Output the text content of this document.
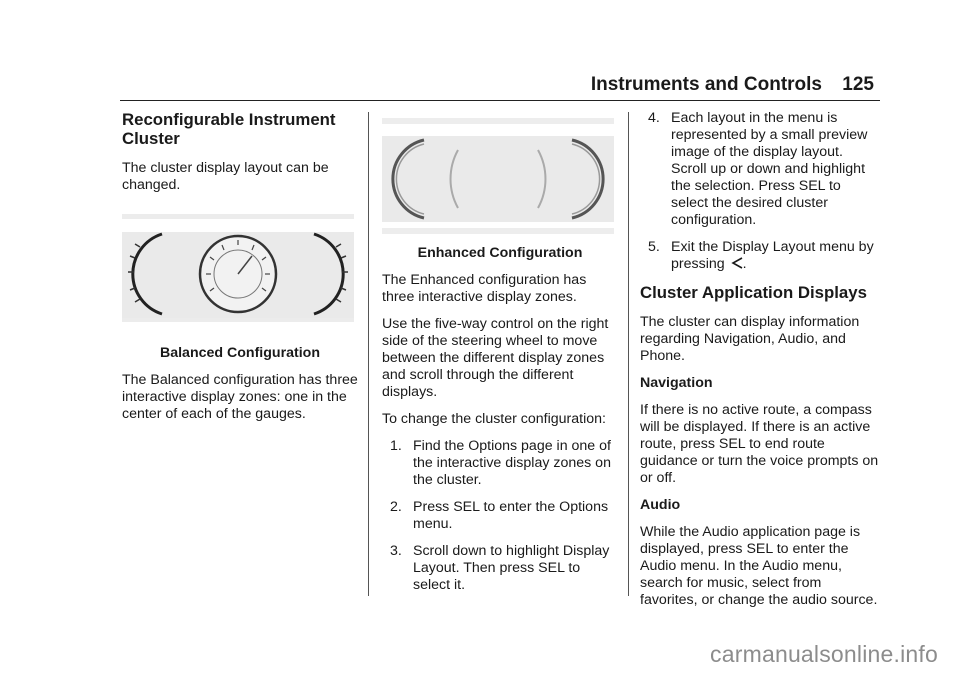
Instruments and Controls 125
Reconfigurable Instrument Cluster

The cluster display layout can be changed.

Balanced Configuration

The Balanced configuration has three interactive display zones: one in the center of each of the gauges.

Enhanced Configuration

The Enhanced configuration has three interactive display zones.

Use the five-way control on the right side of the steering wheel to move between the different display zones and scroll through the different displays.

To change the cluster configuration:

1. Find the Options page in one of the interactive display zones on the cluster.
2. Press SEL to enter the Options menu.
3. Scroll down to highlight Display Layout. Then press SEL to select it.
4. Each layout in the menu is represented by a small preview image of the display layout. Scroll up or down and highlight the selection. Press SEL to select the desired cluster configuration.
5. Exit the Display Layout menu by pressing .
Cluster Application Displays

The cluster can display information regarding Navigation, Audio, and Phone.

Navigation

If there is no active route, a compass will be displayed. If there is an active route, press SEL to end route guidance or turn the voice prompts on or off.

Audio

While the Audio application page is displayed, press SEL to enter the Audio menu. In the Audio menu, search for music, select from favorites, or change the audio source.

carmanualsonline.info
